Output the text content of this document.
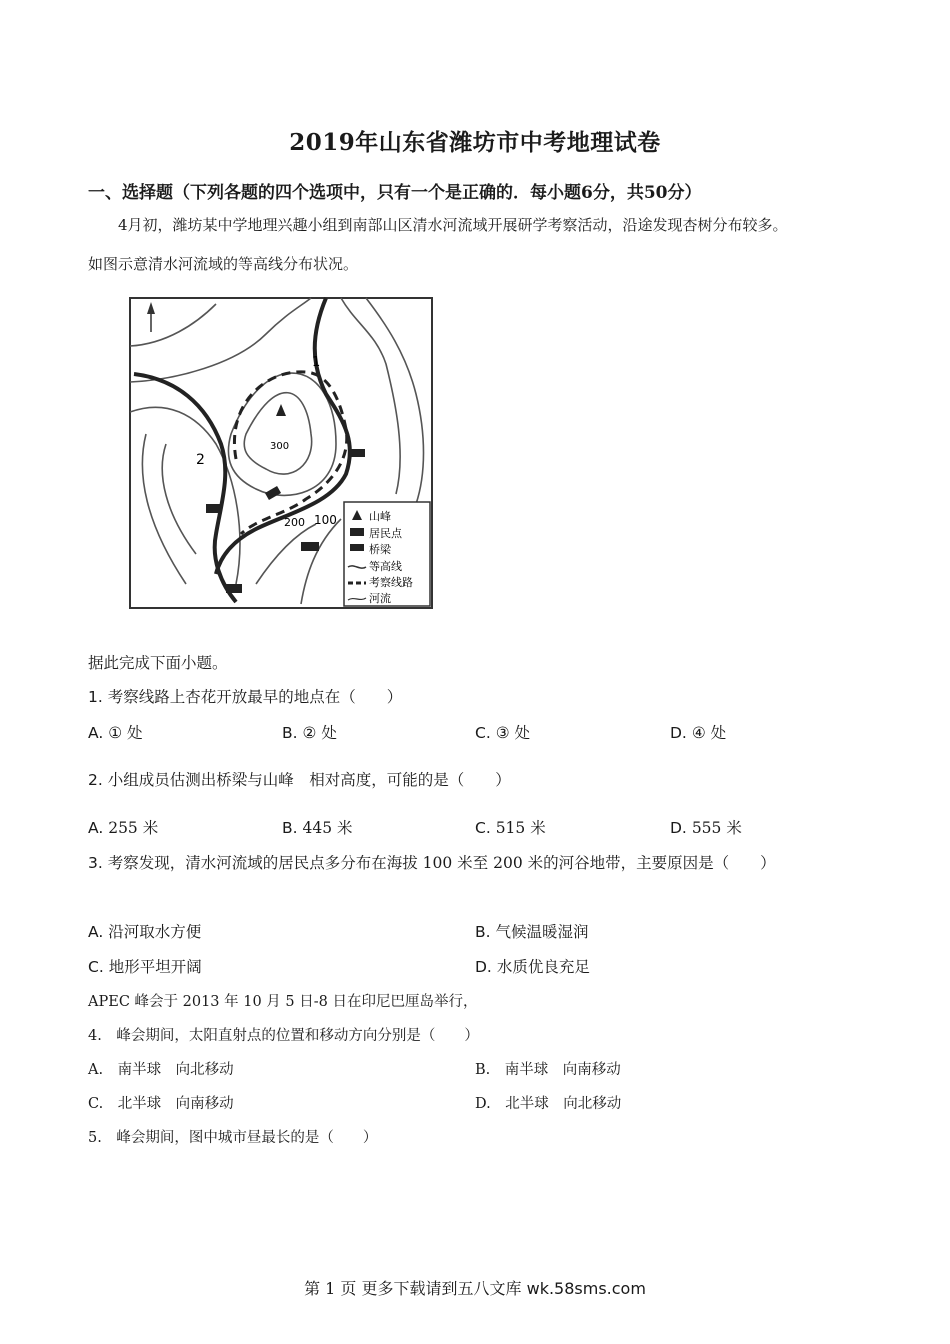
2019年山东省潍坊市中考地理试卷
一、选择题（下列各题的四个选项中，只有一个是正确的．每小题6分，共50分）
4月初，潍坊某中学地理兴趣小组到南部山区清水河流域开展研学考察活动，沿途发现杏树分布较多。
如图示意清水河流域的等高线分布状况。
2
1
100
200
300
山峰
居民点
桥梁
等高线
考察线路
河流
据此完成下面小题。
1. 考察线路上杏花开放最早的地点在（　　）
A. ① 处	B. ② 处	C. ③ 处	D. ④ 处
2. 小组成员估测出桥梁与山峰　相对高度，可能的是（　　）
A. 255 米	B. 445 米	C. 515 米	D. 555 米
3. 考察发现，清水河流域的居民点多分布在海拔 100 米至 200 米的河谷地带，主要原因是（　　）
A. 沿河取水方便	B. 气候温暖湿润
C. 地形平坦开阔	D. 水质优良充足
APEC 峰会于 2013 年 10 月 5 日-8 日在印尼巴厘岛举行，
4.　峰会期间，太阳直射点的位置和移动方向分别是（　　）
A.　 南半球　向北移动	B.　 南半球　向南移动
C.　 北半球　向南移动	D.　 北半球　向北移动
5.　峰会期间，图中城市昼最长的是（　　）
第 1 页 更多下载请到五八文库 wk.58sms.com
